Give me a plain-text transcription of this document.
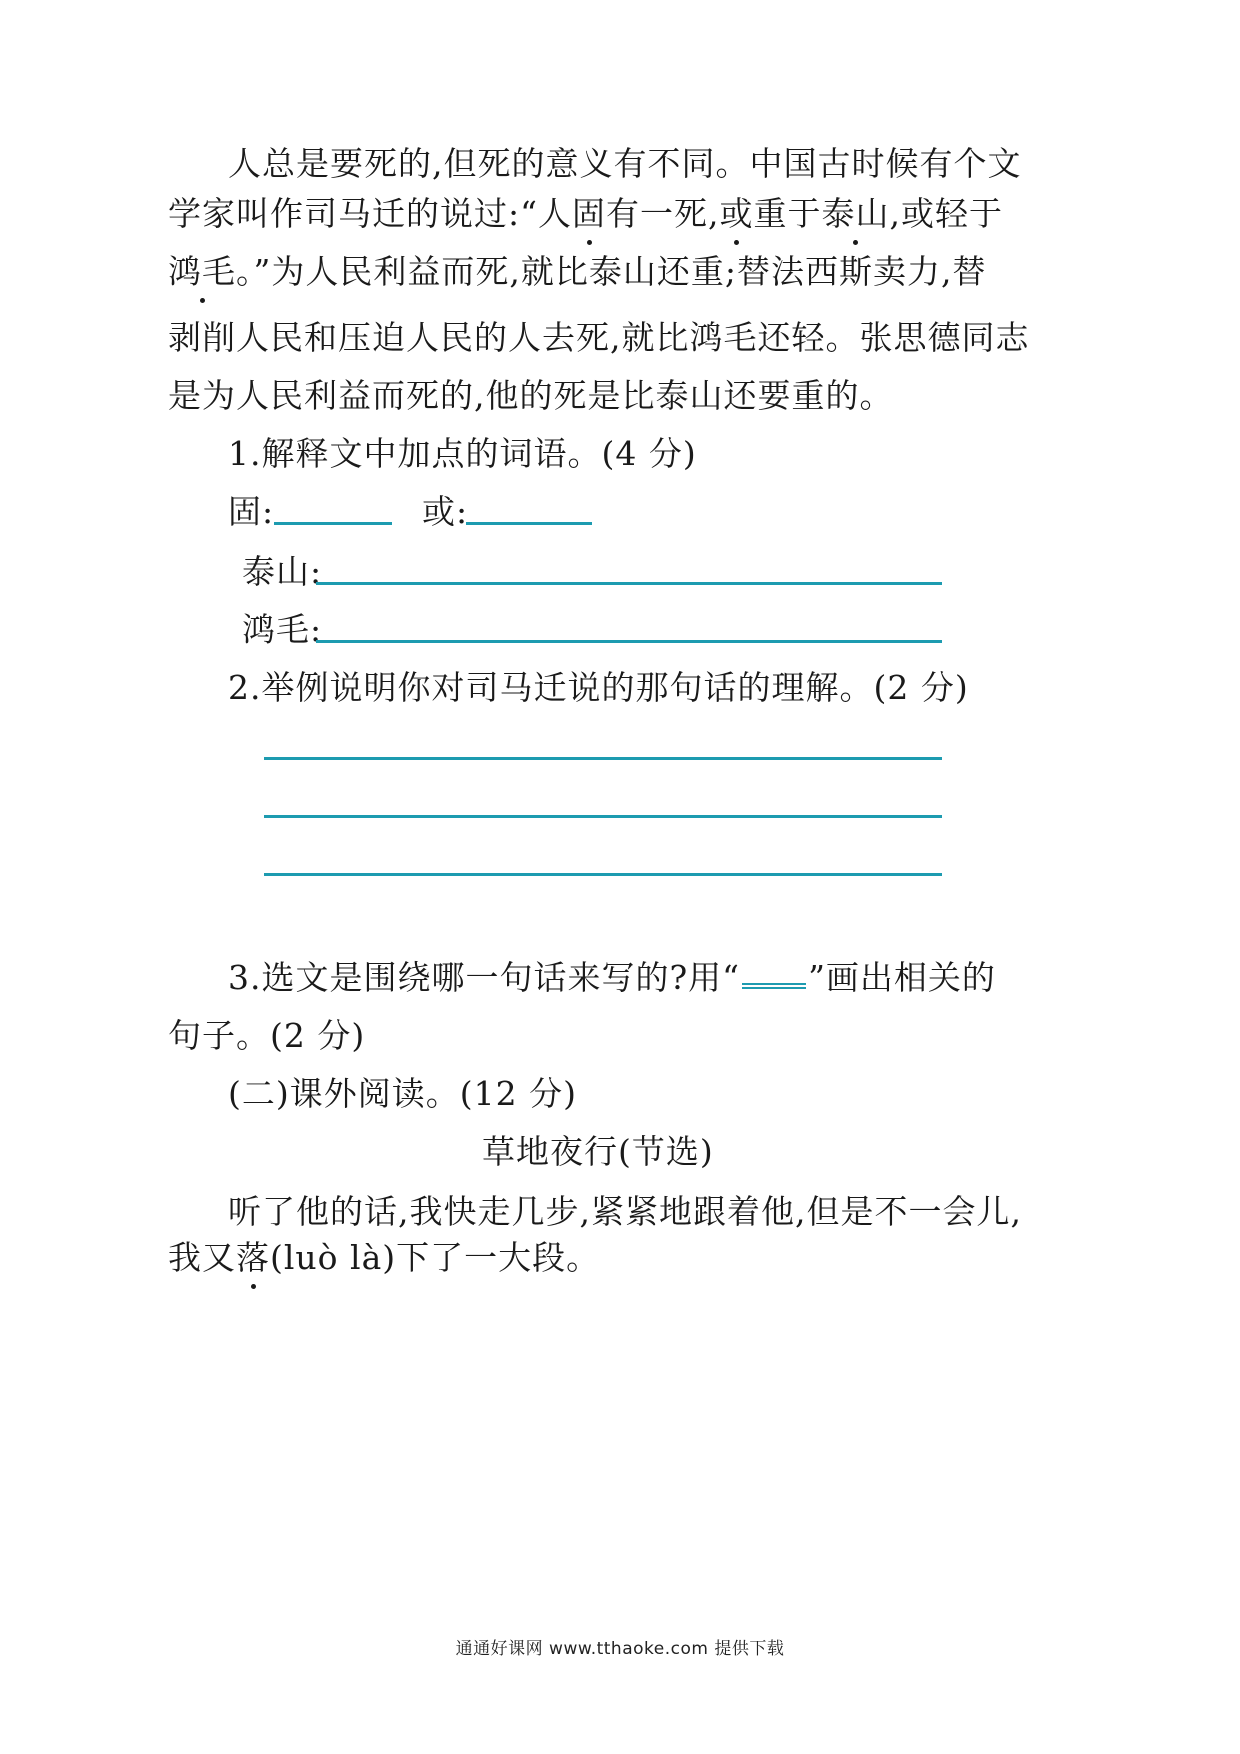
人总是要死的,但死的意义有不同。中国古时候有个文
学家叫作司马迁的说过:“人固有一死,或重于泰山,或轻于
鸿毛。”为人民利益而死,就比泰山还重;替法西斯卖力,替
剥削人民和压迫人民的人去死,就比鸿毛还轻。张思德同志
是为人民利益而死的,他的死是比泰山还要重的。
1.解释文中加点的词语。(4 分)
固:	或:
泰山:
鸿毛:
2.举例说明你对司马迁说的那句话的理解。(2 分)
3.选文是围绕哪一句话来写的?用“ ”画出相关的
句子。(2 分)
(二)课外阅读。(12 分)
草地夜行(节选)
听了他的话,我快走几步,紧紧地跟着他,但是不一会儿,
我又落(luò là)下了一大段。
通通好课网 www.tthaoke.com 提供下载
